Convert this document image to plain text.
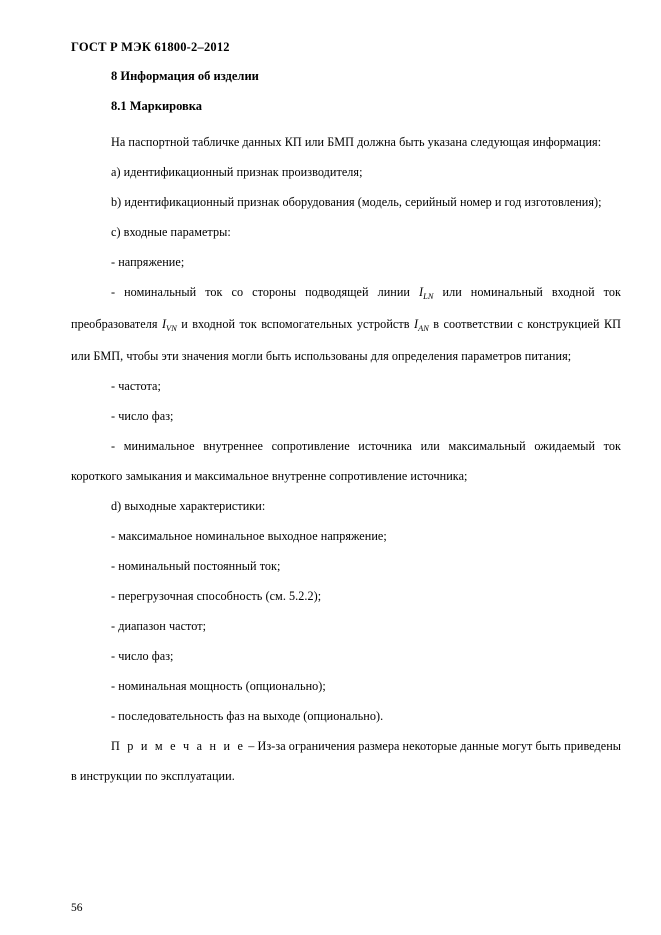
ГОСТ Р МЭК 61800-2–2012
8 Информация об изделии
8.1 Маркировка

На паспортной табличке данных КП или БМП должна быть указана следующая информация:

a) идентификационный признак производителя;

b) идентификационный признак оборудования (модель, серийный номер и год изготовления);

c) входные параметры:

- напряжение;

- номинальный ток со стороны подводящей линии $I_{LN}$ или номинальный входной ток преобразователя $I_{VN}$ и входной ток вспомогательных устройств $I_{AN}$ в соответствии с конструкцией КП или БМП, чтобы эти значения могли быть использованы для определения параметров питания;

- частота;

- число фаз;

- минимальное внутреннее сопротивление источника или максимальный ожидаемый ток короткого замыкания и максимальное внутренне сопротивление источника;

d) выходные характеристики:

- максимальное номинальное выходное напряжение;

- номинальный постоянный ток;

- перегрузочная способность (см. 5.2.2);

- диапазон частот;

- число фаз;

- номинальная мощность (опционально);

- последовательность фаз на выходе (опционально).

П р и м е ч а н и е – Из-за ограничения размера некоторые данные могут быть приведены в инструкции по эксплуатации.

56
